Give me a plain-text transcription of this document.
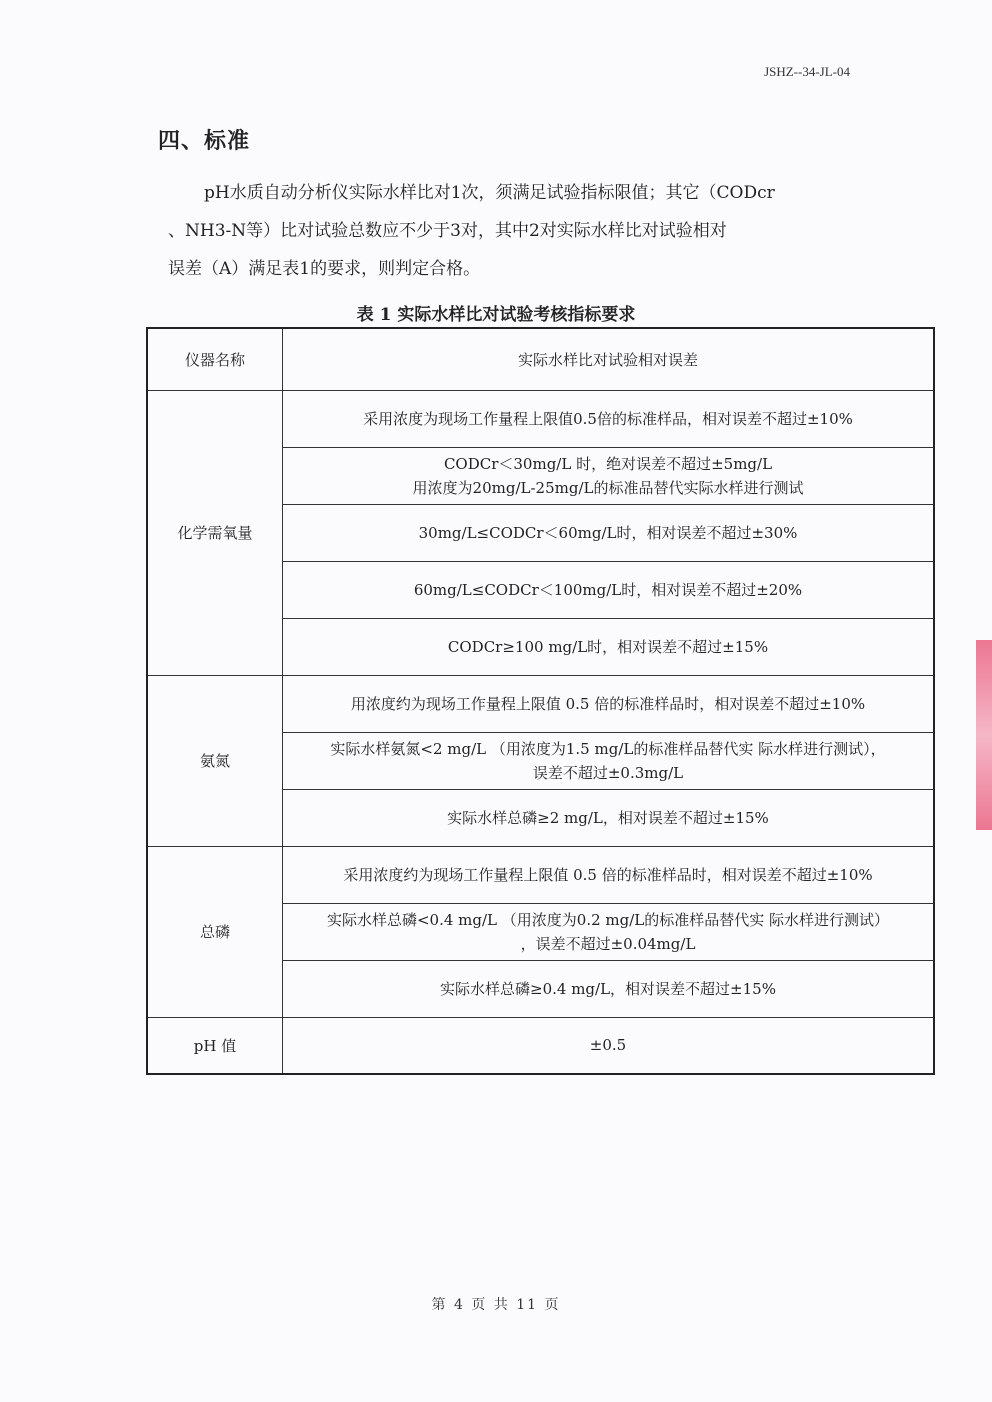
JSHZ--34-JL-04
四、标准
pH水质自动分析仪实际水样比对1次，须满足试验指标限值；其它（CODcr
、NH3-N等）比对试验总数应不少于3对，其中2对实际水样比对试验相对
误差（A）满足表1的要求，则判定合格。
表 1 实际水样比对试验考核指标要求
仪器名称	实际水样比对试验相对误差
化学需氧量	采用浓度为现场工作量程上限值0.5倍的标准样品，相对误差不超过±10%
	CODCr＜30mg/L 时，绝对误差不超过±5mg/L
用浓度为20mg/L-25mg/L的标准品替代实际水样进行测试
	30mg/L≤CODCr＜60mg/L时，相对误差不超过±30%
	60mg/L≤CODCr＜100mg/L时，相对误差不超过±20%
	CODCr≥100 mg/L时，相对误差不超过±15%
氨氮	用浓度约为现场工作量程上限值 0.5 倍的标准样品时，相对误差不超过±10%
	实际水样氨氮<2 mg/L （用浓度为1.5 mg/L的标准样品替代实 际水样进行测试），
误差不超过±0.3mg/L
	实际水样总磷≥2 mg/L，相对误差不超过±15%
总磷	采用浓度约为现场工作量程上限值 0.5 倍的标准样品时，相对误差不超过±10%
	实际水样总磷<0.4 mg/L （用浓度为0.2 mg/L的标准样品替代实 际水样进行测试）
，误差不超过±0.04mg/L
	实际水样总磷≥0.4 mg/L，相对误差不超过±15%
pH 值	±0.5
第 4 页 共 11 页
